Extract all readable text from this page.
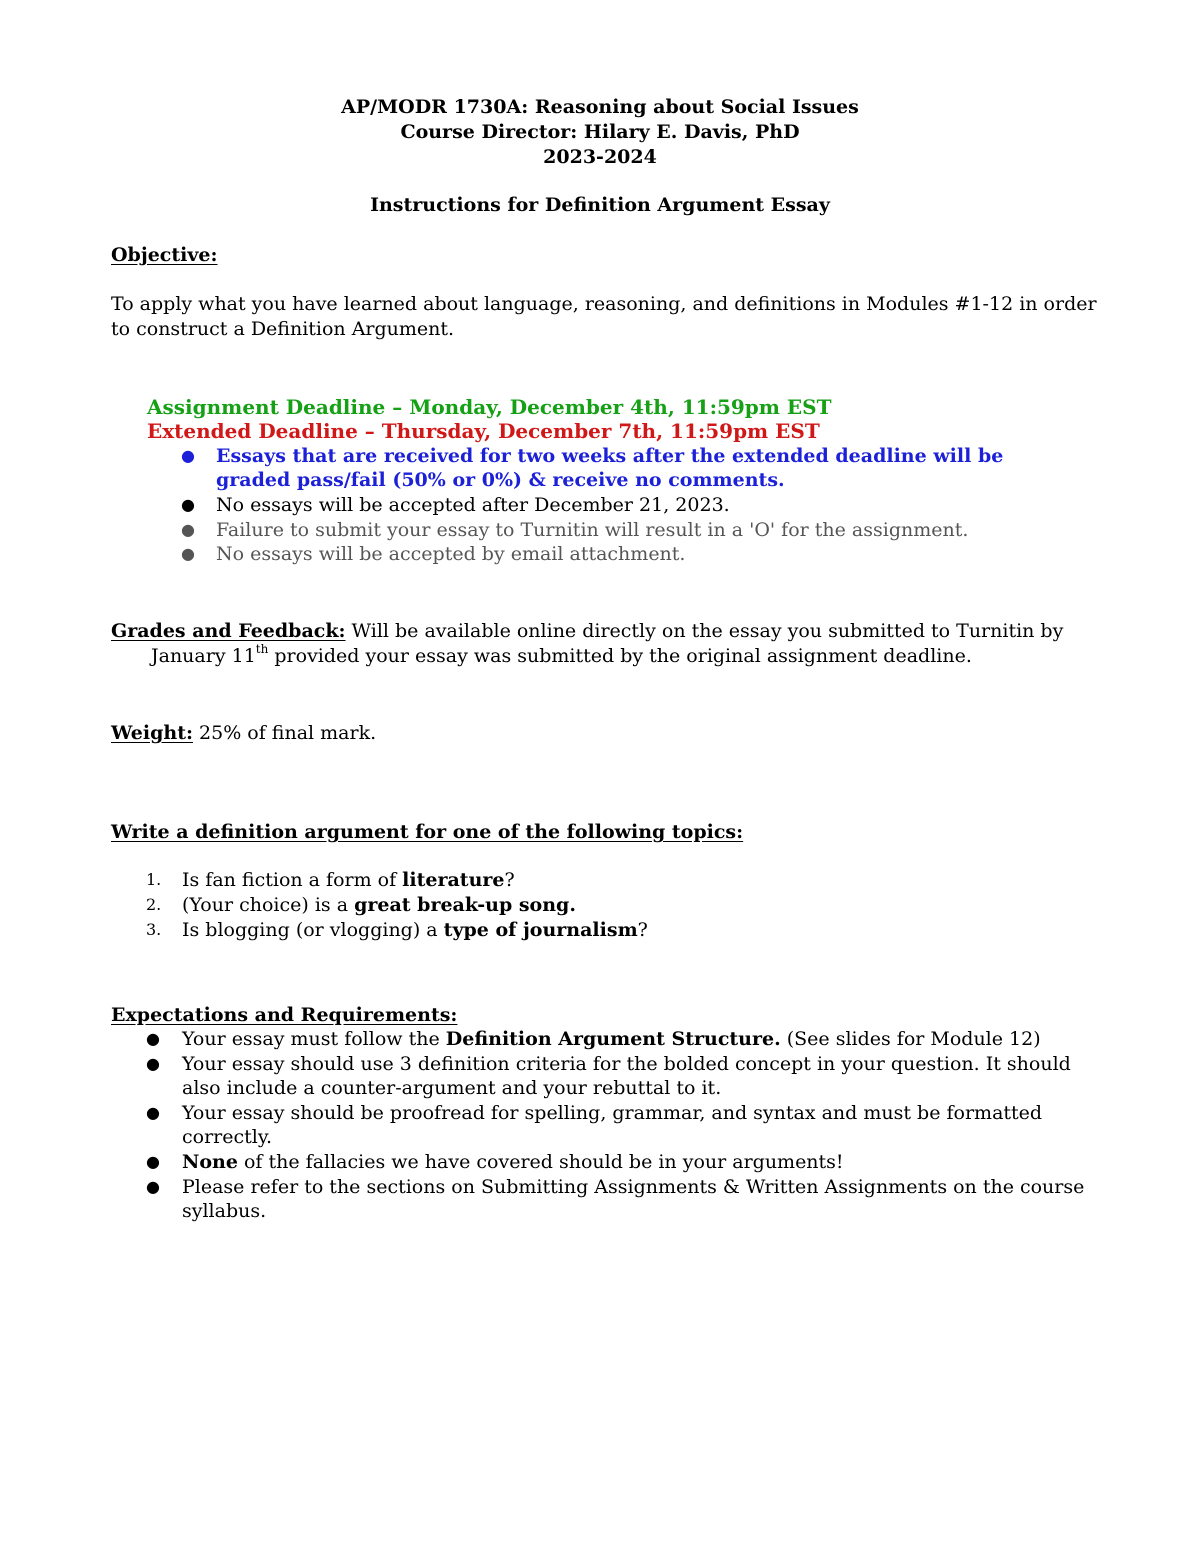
AP/MODR 1730A: Reasoning about Social Issues
Course Director: Hilary E. Davis, PhD
2023-2024
Instructions for Definition Argument Essay
Objective:
To apply what you have learned about language, reasoning, and definitions in Modules #1-12 in order
to construct a Definition Argument.
Assignment Deadline – Monday, December 4th, 11:59pm EST
Extended Deadline – Thursday, December 7th, 11:59pm EST
● Essays that are received for two weeks after the extended deadline will be
graded pass/fail (50% or 0%) & receive no comments.
● No essays will be accepted after December 21, 2023.
● Failure to submit your essay to Turnitin will result in a 'O' for the assignment.
● No essays will be accepted by email attachment.
Grades and Feedback: Will be available online directly on the essay you submitted to Turnitin by
January 11th provided your essay was submitted by the original assignment deadline.
Weight: 25% of final mark.
Write a definition argument for one of the following topics:
1. Is fan fiction a form of literature?
2. (Your choice) is a great break-up song.
3. Is blogging (or vlogging) a type of journalism?
Expectations and Requirements:
● Your essay must follow the Definition Argument Structure. (See slides for Module 12)
● Your essay should use 3 definition criteria for the bolded concept in your question. It should
also include a counter-argument and your rebuttal to it.
● Your essay should be proofread for spelling, grammar, and syntax and must be formatted
correctly.
● None of the fallacies we have covered should be in your arguments!
● Please refer to the sections on Submitting Assignments & Written Assignments on the course
syllabus.
